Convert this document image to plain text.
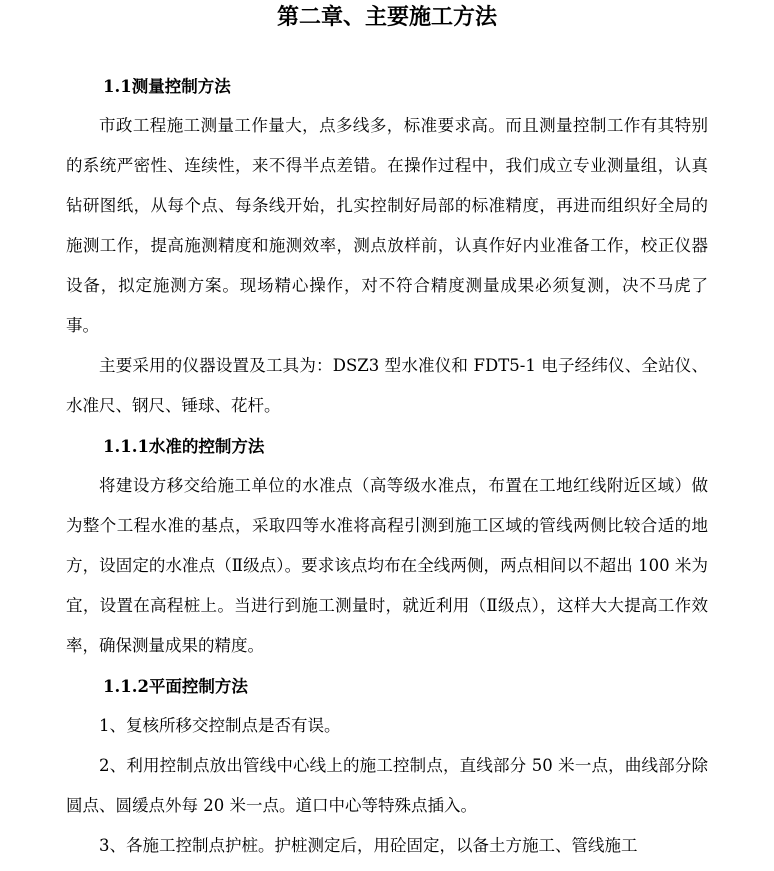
第二章、主要施工方法
1.1测量控制方法

市政工程施工测量工作量大，点多线多，标准要求高。而且测量控制工作有其特别的系统严密性、连续性，来不得半点差错。在操作过程中，我们成立专业测量组，认真钻研图纸，从每个点、每条线开始，扎实控制好局部的标准精度，再进而组织好全局的施测工作，提高施测精度和施测效率，测点放样前，认真作好内业准备工作，校正仪器设备，拟定施测方案。现场精心操作，对不符合精度测量成果必须复测，决不马虎了事。

主要采用的仪器设置及工具为：DSZ3 型水准仪和 FDT5-1 电子经纬仪、全站仪、水准尺、钢尺、锤球、花杆。

1.1.1水准的控制方法

将建设方移交给施工单位的水准点（高等级水准点，布置在工地红线附近区域）做为整个工程水准的基点，采取四等水准将高程引测到施工区域的管线两侧比较合适的地方，设固定的水准点（Ⅱ级点）。要求该点均布在全线两侧，两点相间以不超出 100 米为宜，设置在高程桩上。当进行到施工测量时，就近利用（Ⅱ级点），这样大大提高工作效率，确保测量成果的精度。

1.1.2平面控制方法

1、复核所移交控制点是否有误。

2、利用控制点放出管线中心线上的施工控制点，直线部分 50 米一点，曲线部分除圆点、圆缓点外每 20 米一点。道口中心等特殊点插入。

3、各施工控制点护桩。护桩测定后，用砼固定，以备土方施工、管线施工
